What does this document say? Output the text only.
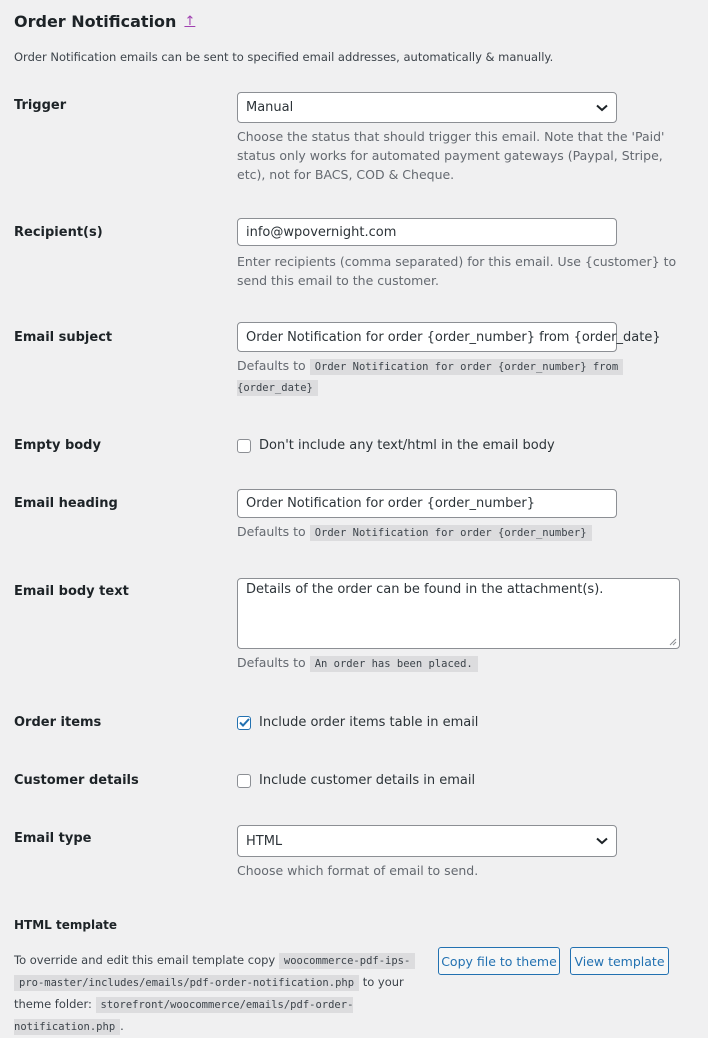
Order Notification ↑
Order Notification emails can be sent to specified email addresses, automatically & manually.
Trigger	Manual
Choose the status that should trigger this email. Note that the 'Paid' status only works for automated payment gateways (Paypal, Stripe, etc), not for BACS, COD & Cheque.
Recipient(s)	info@wpovernight.com
Enter recipients (comma separated) for this email. Use {customer} to send this email to the customer.
Email subject	Order Notification for order {order_number} from {order_date}
Defaults to Order Notification for order {order_number} from
{order_date}
Empty body	Don't include any text/html in the email body
Email heading	Order Notification for order {order_number}
Defaults to Order Notification for order {order_number}
Email body text	Details of the order can be found in the attachment(s).
Defaults to An order has been placed.
Order items	Include order items table in email
Customer details	Include customer details in email
Email type	HTML
Choose which format of email to send.
HTML template
To override and edit this email template copy woocommerce-pdf-ips-
pro-master/includes/emails/pdf-order-notification.php to your
theme folder: storefront/woocommerce/emails/pdf-order-notification.php .
Copy file to theme	View template
